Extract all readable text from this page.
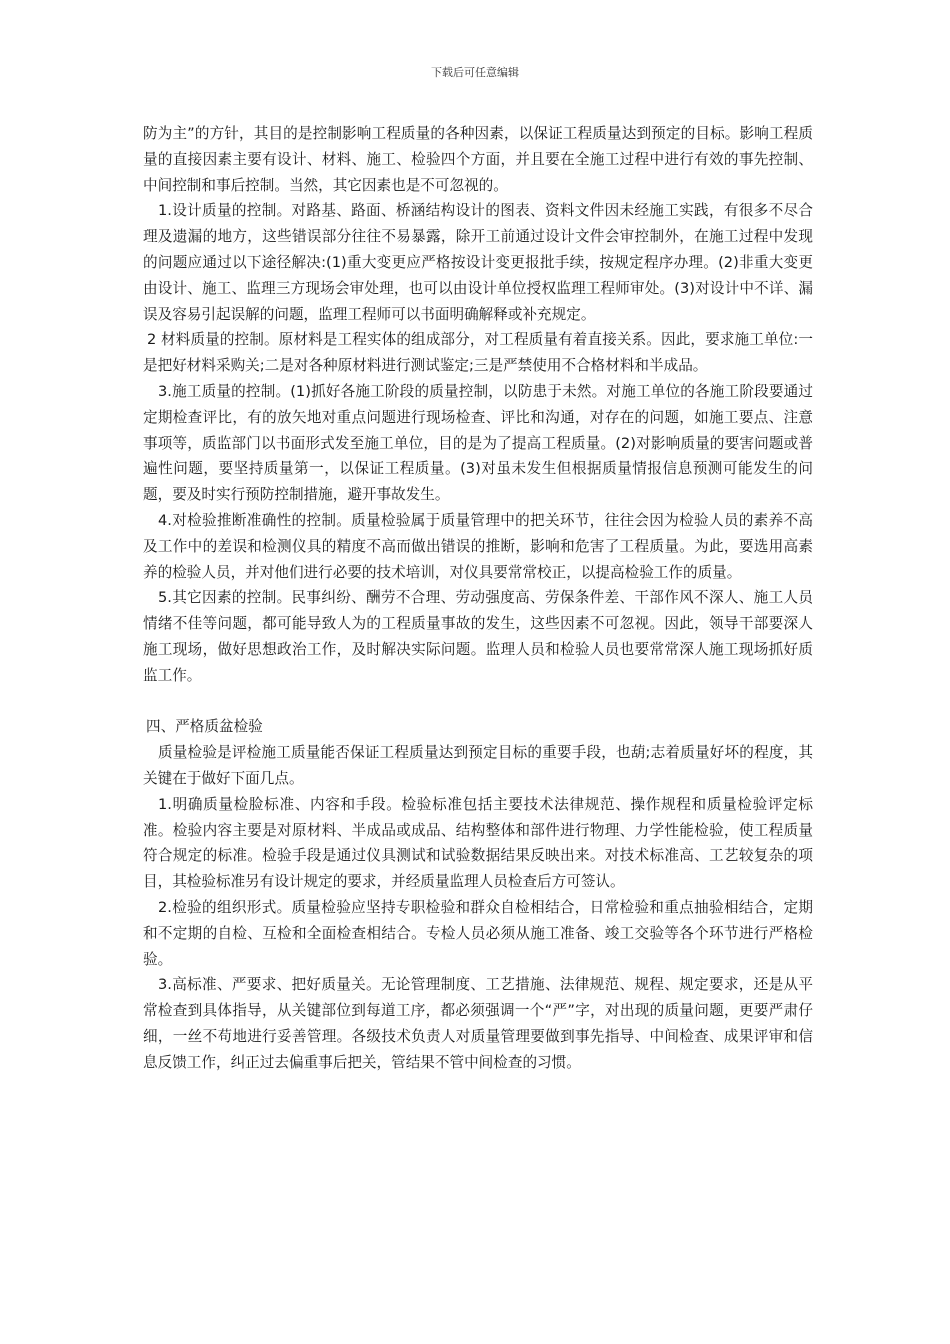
下载后可任意编辑

防为主”的方针，其目的是控制影响工程质量的各种因素，以保证工程质量达到预定的目标。影响工程质量的直接因素主要有设计、材料、施工、检验四个方面，并且要在全施工过程中进行有效的事先控制、中间控制和事后控制。当然，其它因素也是不可忽视的。

1.设计质量的控制。对路基、路面、桥涵结构设计的图表、资料文件因未经施工实践，有很多不尽合理及遗漏的地方，这些错误部分往往不易暴露，除开工前通过设计文件会审控制外，在施工过程中发现的问题应通过以下途径解决:(1)重大变更应严格按设计变更报批手续，按规定程序办理。(2)非重大变更由设计、施工、监理三方现场会审处理，也可以由设计单位授权监理工程师审处。(3)对设计中不详、漏误及容易引起误解的问题，监理工程师可以书面明确解释或补充规定。

2 材料质量的控制。原材料是工程实体的组成部分，对工程质量有着直接关系。因此，要求施工单位:一是把好材料采购关;二是对各种原材料进行测试鉴定;三是严禁使用不合格材料和半成品。

3.施工质量的控制。(1)抓好各施工阶段的质量控制，以防患于未然。对施工单位的各施工阶段要通过定期检查评比，有的放矢地对重点问题进行现场检查、评比和沟通，对存在的问题，如施工要点、注意事项等，质监部门以书面形式发至施工单位，目的是为了提高工程质量。(2)对影响质量的要害问题或普遍性问题，要坚持质量第一，以保证工程质量。(3)对虽未发生但根据质量情报信息预测可能发生的问题，要及时实行预防控制措施，避开事故发生。

4.对检验推断准确性的控制。质量检验属于质量管理中的把关环节，往往会因为检验人员的素养不高及工作中的差误和检测仪具的精度不高而做出错误的推断，影响和危害了工程质量。为此，要选用高素养的检验人员，并对他们进行必要的技术培训，对仪具要常常校正，以提高检验工作的质量。

5.其它因素的控制。民事纠纷、酬劳不合理、劳动强度高、劳保条件差、干部作风不深人、施工人员情绪不佳等问题，都可能导致人为的工程质量事故的发生，这些因素不可忽视。因此，领导干部要深人施工现场，做好思想政治工作，及时解决实际问题。监理人员和检验人员也要常常深人施工现场抓好质监工作。

四、严格质盆检验

质量检验是评检施工质量能否保证工程质量达到预定目标的重要手段，也葫;志着质量好坏的程度，其关键在于做好下面几点。

1.明确质量检脸标准、内容和手段。检验标准包括主要技术法律规范、操作规程和质量检验评定标准。检验内容主要是对原材料、半成品或成品、结构整体和部件进行物理、力学性能检验，使工程质量符合规定的标准。检验手段是通过仪具测试和试验数据结果反映出来。对技术标准高、工艺较复杂的项目，其检验标准另有设计规定的要求，并经质量监理人员检查后方可签认。

2.检验的组织形式。质量检验应坚持专职检验和群众自检相结合，日常检验和重点抽验相结合，定期和不定期的自检、互检和全面检查相结合。专检人员必须从施工准备、竣工交验等各个环节进行严格检验。

3.高标准、严要求、把好质量关。无论管理制度、工艺措施、法律规范、规程、规定要求，还是从平常检查到具体指导，从关键部位到每道工序，都必须强调一个“严”字，对出现的质量问题，更要严肃仔细，一丝不苟地进行妥善管理。各级技术负责人对质量管理要做到事先指导、中间检查、成果评审和信息反馈工作，纠正过去偏重事后把关，管结果不管中间检查的习惯。
